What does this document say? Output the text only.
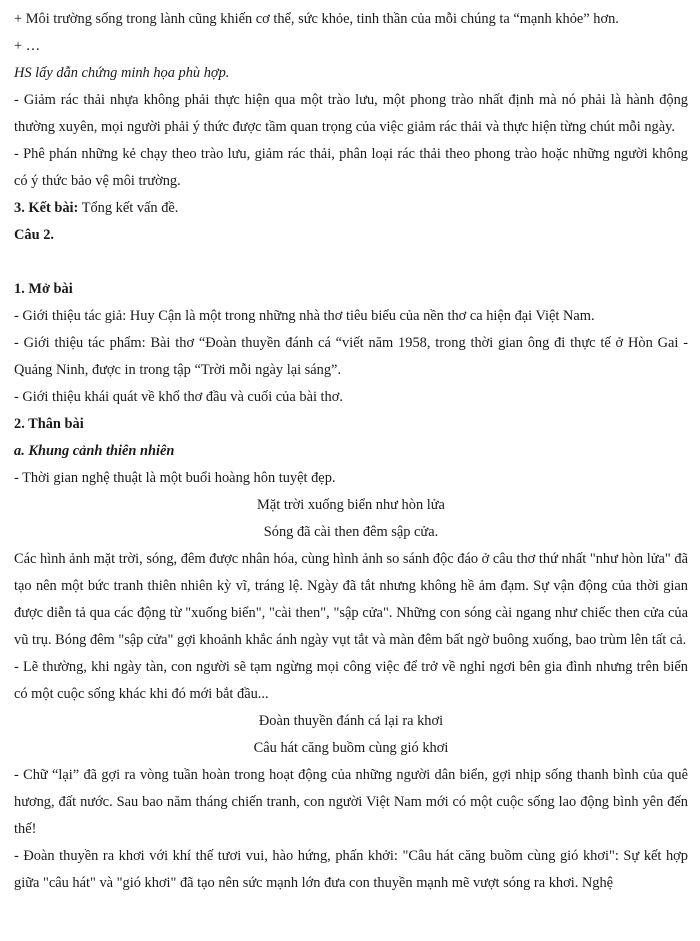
+ Môi trường sống trong lành cũng khiến cơ thể, sức khỏe, tinh thần của mỗi chúng ta “mạnh khỏe” hơn.

+ …

HS lấy dẫn chứng minh họa phù hợp.

- Giảm rác thải nhựa không phải thực hiện qua một trào lưu, một phong trào nhất định mà nó phải là hành động thường xuyên, mọi người phải ý thức được tầm quan trọng của việc giảm rác thải và thực hiện từng chút mỗi ngày.

- Phê phán những kẻ chạy theo trào lưu, giảm rác thải, phân loại rác thải theo phong trào hoặc những người không có ý thức bảo vệ môi trường.

3. Kết bài: Tổng kết vấn đề.

Câu 2.

1. Mở bài

- Giới thiệu tác giả: Huy Cận là một trong những nhà thơ tiêu biểu của nền thơ ca hiện đại Việt Nam.

- Giới thiệu tác phẩm: Bài thơ “Đoàn thuyền đánh cá “viết năm 1958, trong thời gian ông đi thực tế ở Hòn Gai - Quảng Ninh, được in trong tập “Trời mỗi ngày lại sáng”.

- Giới thiệu khái quát về khổ thơ đầu và cuối của bài thơ.

2. Thân bài

a. Khung cảnh thiên nhiên

- Thời gian nghệ thuật là một buổi hoàng hôn tuyệt đẹp.

Mặt trời xuống biển như hòn lửa

Sóng đã cài then đêm sập cửa.

Các hình ảnh mặt trời, sóng, đêm được nhân hóa, cùng hình ảnh so sánh độc đáo ở câu thơ thứ nhất "như hòn lửa" đã tạo nên một bức tranh thiên nhiên kỳ vĩ, tráng lệ. Ngày đã tắt nhưng không hề ảm đạm. Sự vận động của thời gian được diễn tả qua các động từ "xuống biển", "cài then", "sập cửa". Những con sóng cài ngang như chiếc then cửa của vũ trụ. Bóng đêm "sập cửa" gợi khoảnh khắc ánh ngày vụt tắt và màn đêm bất ngờ buông xuống, bao trùm lên tất cả.

- Lẽ thường, khi ngày tàn, con người sẽ tạm ngừng mọi công việc để trở về nghỉ ngơi bên gia đình nhưng trên biển có một cuộc sống khác khi đó mới bắt đầu...

Đoàn thuyền đánh cá lại ra khơi

Câu hát căng buồm cùng gió khơi

- Chữ “lại” đã gợi ra vòng tuần hoàn trong hoạt động của những người dân biển, gợi nhịp sống thanh bình của quê hương, đất nước. Sau bao năm tháng chiến tranh, con người Việt Nam mới có một cuộc sống lao động bình yên đến thế!

- Đoàn thuyền ra khơi với khí thế tươi vui, hào hứng, phấn khởi: "Câu hát căng buồm cùng gió khơi": Sự kết hợp giữa "câu hát" và "gió khơi" đã tạo nên sức mạnh lớn đưa con thuyền mạnh mẽ vượt sóng ra khơi. Nghệ
